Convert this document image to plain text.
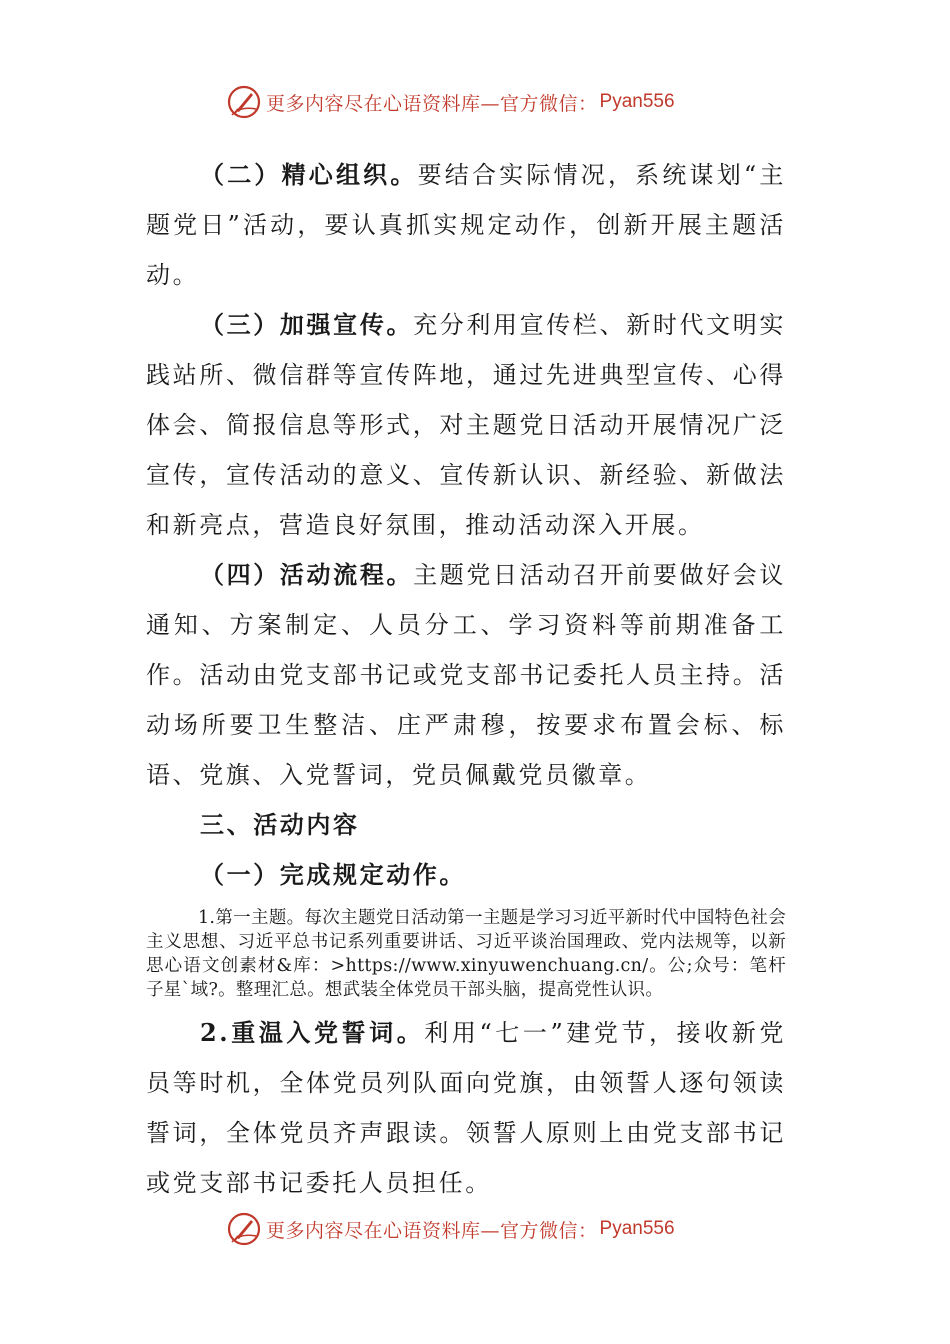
更多内容尽在心语资料库—官方微信： Pyan556

（二）精心组织。要结合实际情况，系统谋划“主题党日”活动，要认真抓实规定动作，创新开展主题活动。

（三）加强宣传。充分利用宣传栏、新时代文明实践站所、微信群等宣传阵地，通过先进典型宣传、心得体会、简报信息等形式，对主题党日活动开展情况广泛宣传，宣传活动的意义、宣传新认识、新经验、新做法和新亮点，营造良好氛围，推动活动深入开展。

（四）活动流程。主题党日活动召开前要做好会议通知、方案制定、人员分工、学习资料等前期准备工作。活动由党支部书记或党支部书记委托人员主持。活动场所要卫生整洁、庄严肃穆，按要求布置会标、标语、党旗、入党誓词，党员佩戴党员徽章。

三、活动内容

（一）完成规定动作。

1.第一主题。每次主题党日活动第一主题是学习习近平新时代中国特色社会主义思想、习近平总书记系列重要讲话、习近平谈治国理政、党内法规等，以新思心语文创素材&库：>https://www.xinyuwenchuang.cn/。公;众号：笔杆子星`域?。整理汇总。想武装全体党员干部头脑，提高党性认识。

2.重温入党誓词。利用“七一”建党节，接收新党员等时机，全体党员列队面向党旗，由领誓人逐句领读誓词，全体党员齐声跟读。领誓人原则上由党支部书记或党支部书记委托人员担任。

更多内容尽在心语资料库—官方微信： Pyan556
